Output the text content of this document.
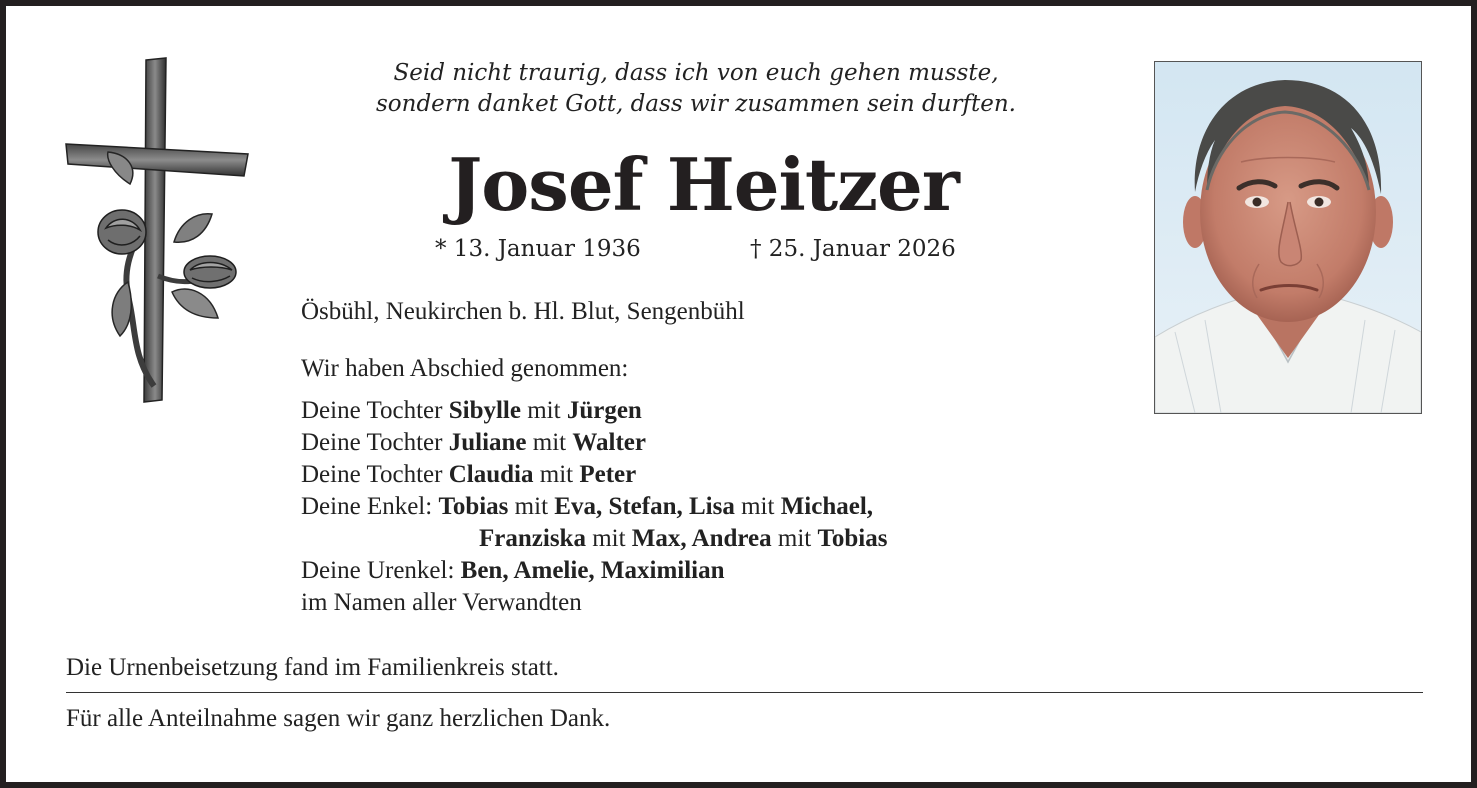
Seid nicht traurig, dass ich von euch gehen musste,
sondern danket Gott, dass wir zusammen sein durften.
Josef Heitzer
* 13. Januar 1936	† 25. Januar 2026
Ösbühl, Neukirchen b. Hl. Blut, Sengenbühl
Wir haben Abschied genommen:
Deine Tochter Sibylle mit Jürgen
Deine Tochter Juliane mit Walter
Deine Tochter Claudia mit Peter
Deine Enkel: Tobias mit Eva, Stefan, Lisa mit Michael,
Franziska mit Max, Andrea mit Tobias
Deine Urenkel: Ben, Amelie, Maximilian
im Namen aller Verwandten
Die Urnenbeisetzung fand im Familienkreis statt.
Für alle Anteilnahme sagen wir ganz herzlichen Dank.
